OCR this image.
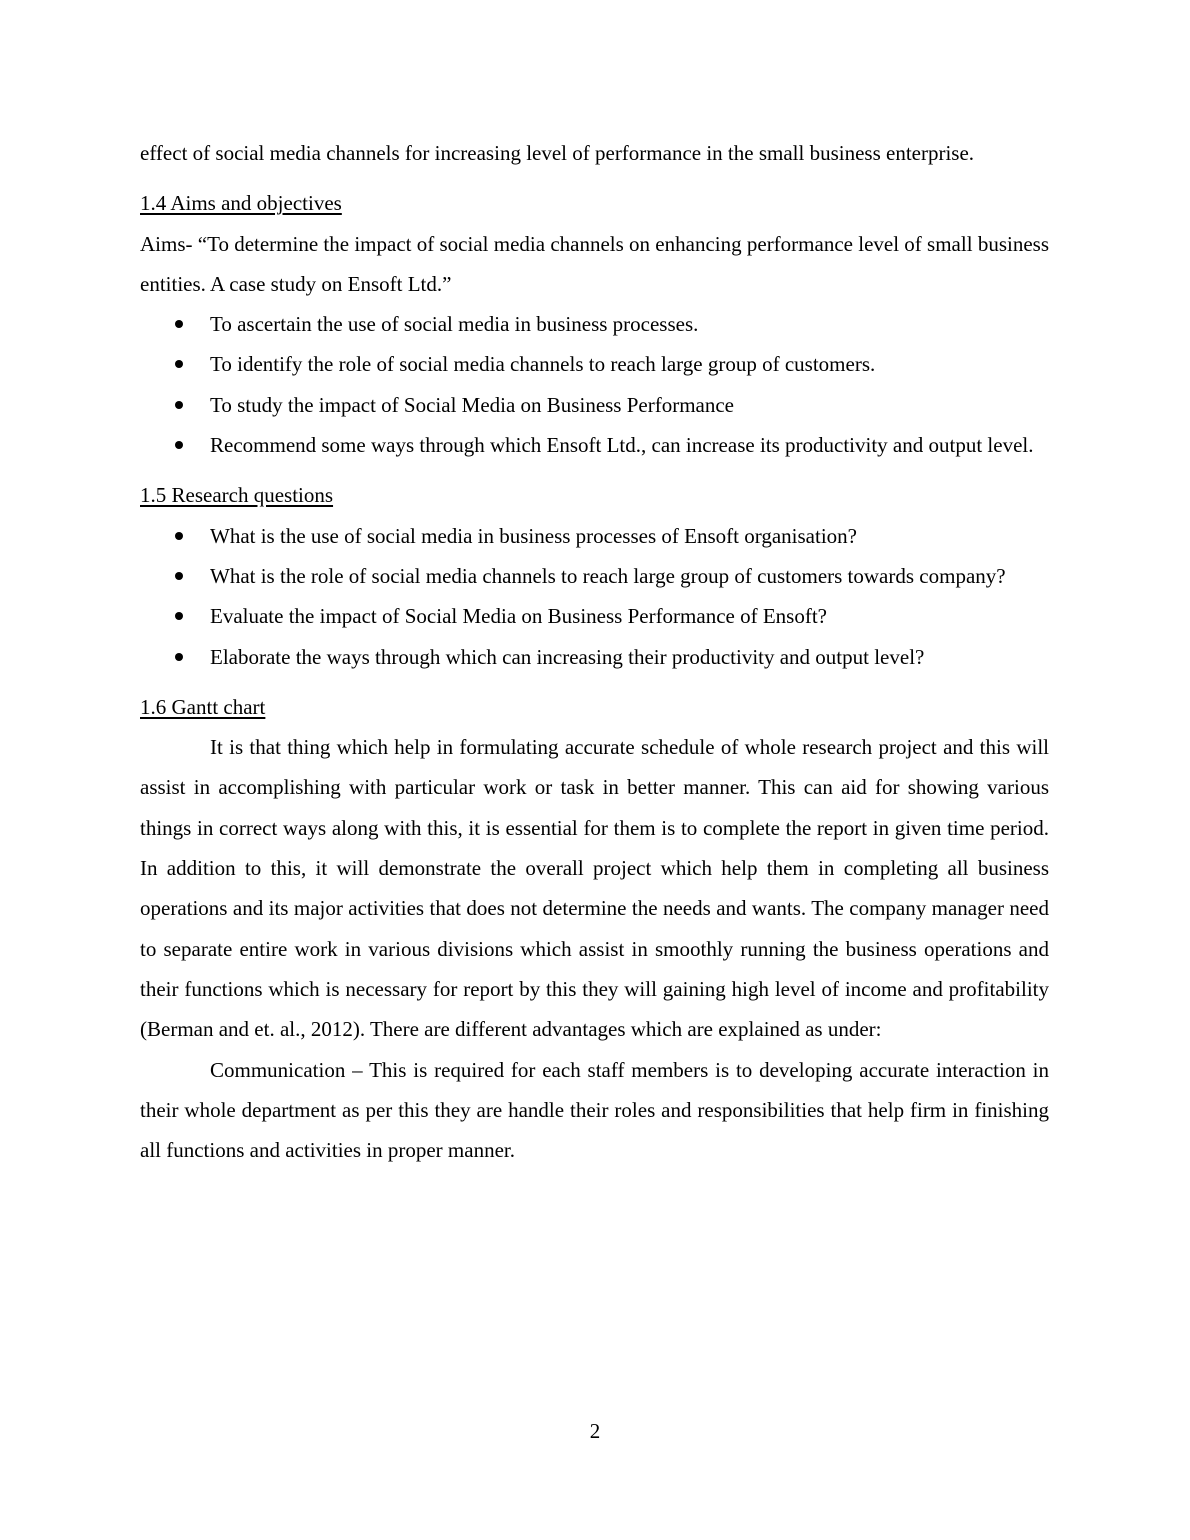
effect of social media channels for increasing level of performance in the small business enterprise.

1.4 Aims and objectives

Aims- “To determine the impact of social media channels on enhancing performance level of small business entities. A case study on Ensoft Ltd.”

To ascertain the use of social media in business processes.
To identify the role of social media channels to reach large group of customers.
To study the impact of Social Media on Business Performance
Recommend some ways through which Ensoft Ltd., can increase its productivity and output level.
1.5 Research questions
What is the use of social media in business processes of Ensoft organisation?
What is the role of social media channels to reach large group of customers towards company?
Evaluate the impact of Social Media on Business Performance of Ensoft?
Elaborate the ways through which can increasing their productivity and output level?
1.6 Gantt chart

It is that thing which help in formulating accurate schedule of whole research project and this will assist in accomplishing with particular work or task in better manner. This can aid for showing various things in correct ways along with this, it is essential for them is to complete the report in given time period. In addition to this, it will demonstrate the overall project which help them in completing all business operations and its major activities that does not determine the needs and wants. The company manager need to separate entire work in various divisions which assist in smoothly running the business operations and their functions which is necessary for report by this they will gaining high level of income and profitability (Berman and et. al., 2012). There are different advantages which are explained as under:

Communication – This is required for each staff members is to developing accurate interaction in their whole department as per this they are handle their roles and responsibilities that help firm in finishing all functions and activities in proper manner.

2
